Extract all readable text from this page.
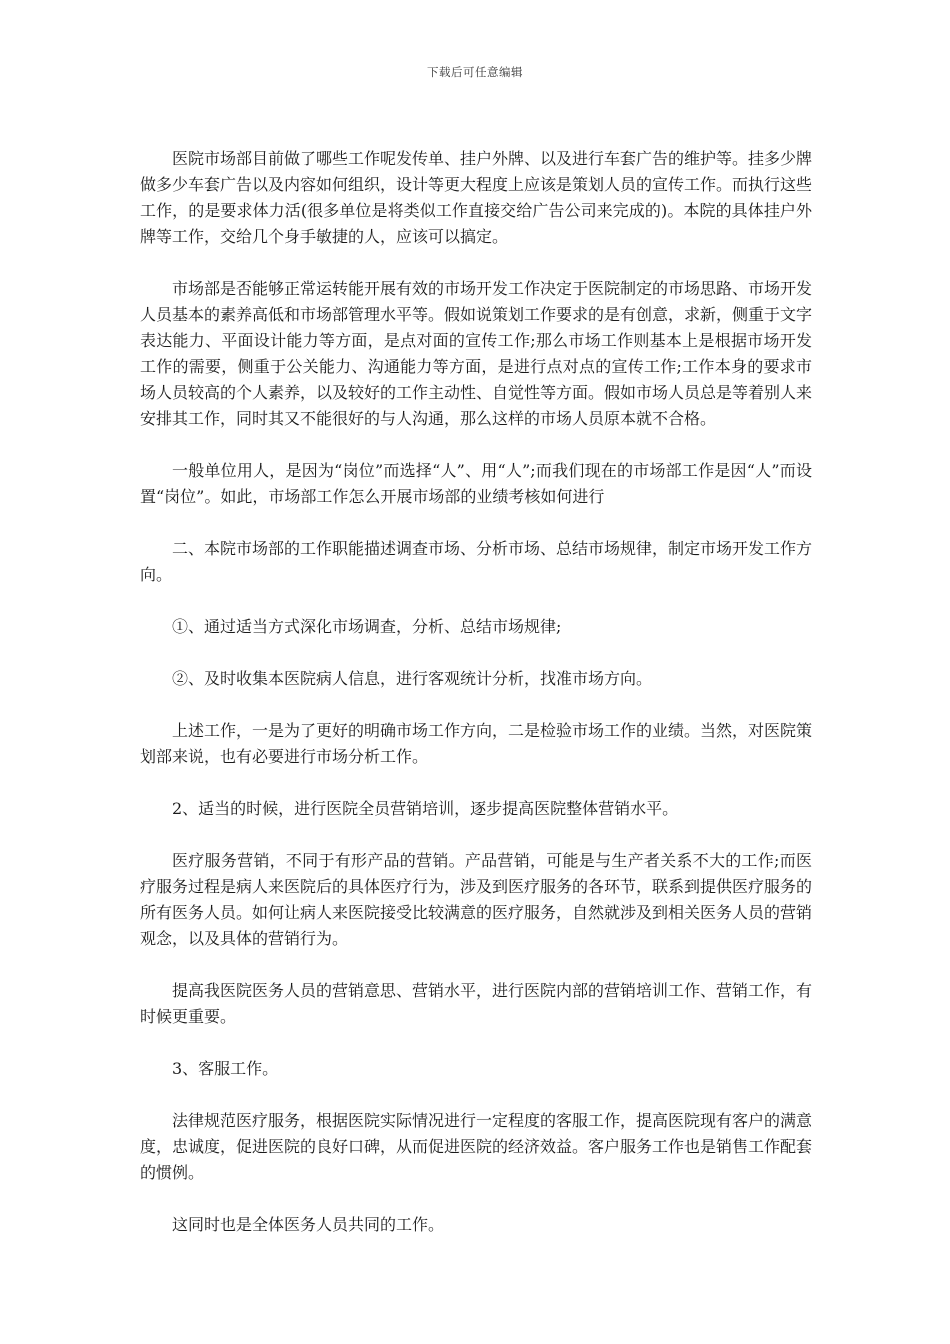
下载后可任意编辑

医院市场部目前做了哪些工作呢发传单、挂户外牌、以及进行车套广告的维护等。挂多少牌做多少车套广告以及内容如何组织，设计等更大程度上应该是策划人员的宣传工作。而执行这些工作，的是要求体力活(很多单位是将类似工作直接交给广告公司来完成的)。本院的具体挂户外牌等工作，交给几个身手敏捷的人，应该可以搞定。

市场部是否能够正常运转能开展有效的市场开发工作决定于医院制定的市场思路、市场开发人员基本的素养高低和市场部管理水平等。假如说策划工作要求的是有创意，求新，侧重于文字表达能力、平面设计能力等方面，是点对面的宣传工作;那么市场工作则基本上是根据市场开发工作的需要，侧重于公关能力、沟通能力等方面，是进行点对点的宣传工作;工作本身的要求市场人员较高的个人素养，以及较好的工作主动性、自觉性等方面。假如市场人员总是等着别人来安排其工作，同时其又不能很好的与人沟通，那么这样的市场人员原本就不合格。

一般单位用人，是因为“岗位”而选择“人”、用“人”;而我们现在的市场部工作是因“人”而设置“岗位”。如此，市场部工作怎么开展市场部的业绩考核如何进行

二、本院市场部的工作职能描述调查市场、分析市场、总结市场规律，制定市场开发工作方向。

①、通过适当方式深化市场调查，分析、总结市场规律;

②、及时收集本医院病人信息，进行客观统计分析，找准市场方向。

上述工作，一是为了更好的明确市场工作方向，二是检验市场工作的业绩。当然，对医院策划部来说，也有必要进行市场分析工作。

2、适当的时候，进行医院全员营销培训，逐步提高医院整体营销水平。

医疗服务营销，不同于有形产品的营销。产品营销，可能是与生产者关系不大的工作;而医疗服务过程是病人来医院后的具体医疗行为，涉及到医疗服务的各环节，联系到提供医疗服务的所有医务人员。如何让病人来医院接受比较满意的医疗服务，自然就涉及到相关医务人员的营销观念，以及具体的营销行为。

提高我医院医务人员的营销意思、营销水平，进行医院内部的营销培训工作、营销工作，有时候更重要。

3、客服工作。

法律规范医疗服务，根据医院实际情况进行一定程度的客服工作，提高医院现有客户的满意度，忠诚度，促进医院的良好口碑，从而促进医院的经济效益。客户服务工作也是销售工作配套的惯例。

这同时也是全体医务人员共同的工作。
